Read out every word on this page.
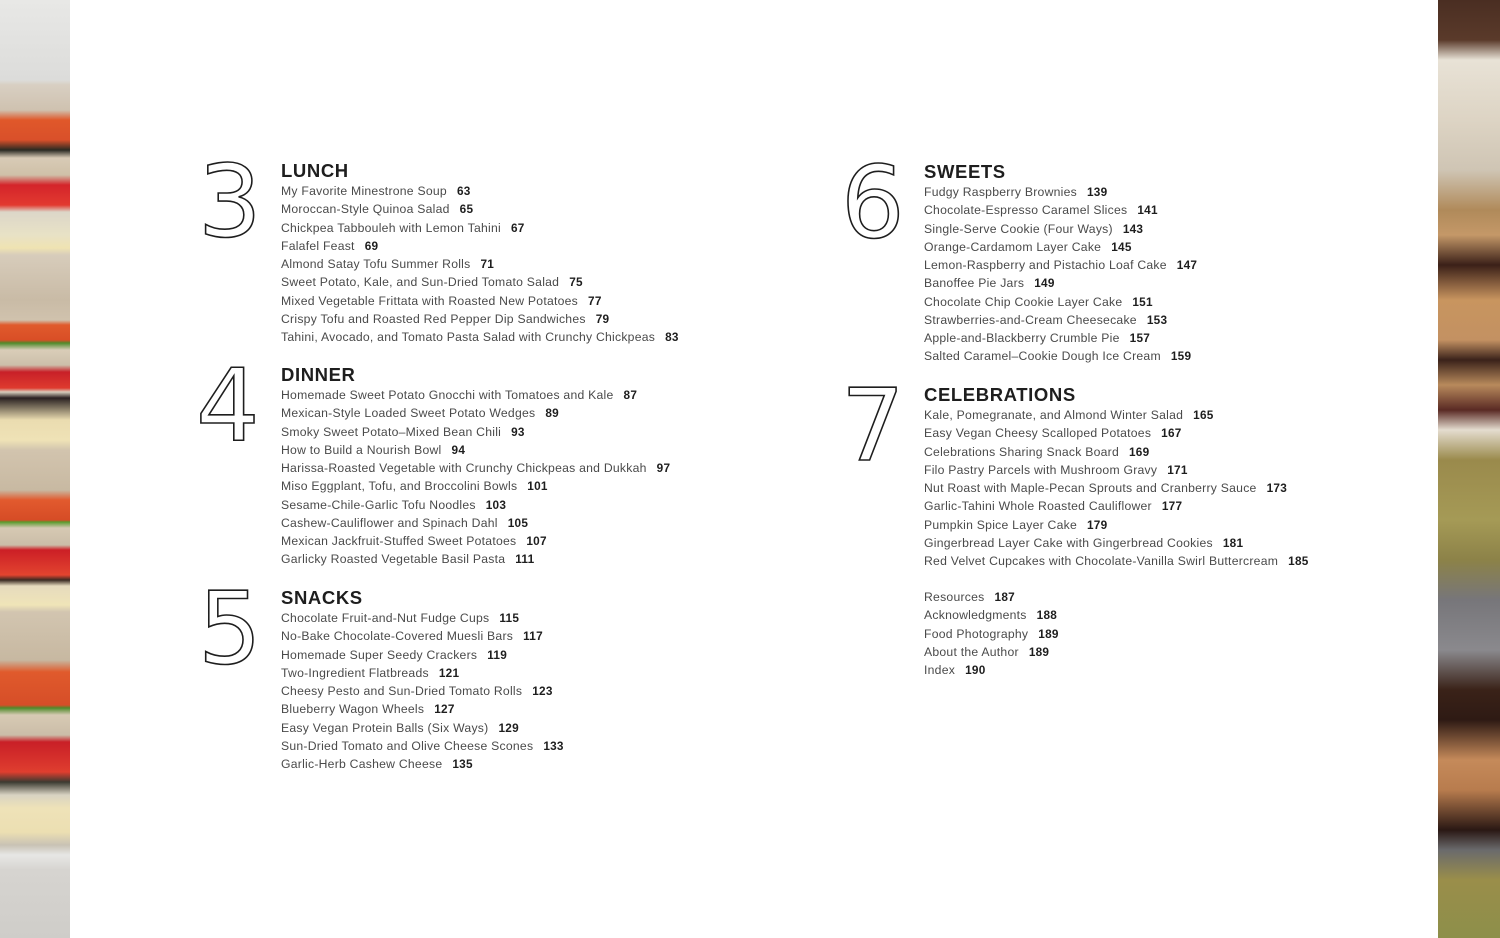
3 LUNCH
My Favorite Minestrone Soup 63
Moroccan-Style Quinoa Salad 65
Chickpea Tabbouleh with Lemon Tahini 67
Falafel Feast 69
Almond Satay Tofu Summer Rolls 71
Sweet Potato, Kale, and Sun-Dried Tomato Salad 75
Mixed Vegetable Frittata with Roasted New Potatoes 77
Crispy Tofu and Roasted Red Pepper Dip Sandwiches 79
Tahini, Avocado, and Tomato Pasta Salad with Crunchy Chickpeas 83
4 DINNER
Homemade Sweet Potato Gnocchi with Tomatoes and Kale 87
Mexican-Style Loaded Sweet Potato Wedges 89
Smoky Sweet Potato–Mixed Bean Chili 93
How to Build a Nourish Bowl 94
Harissa-Roasted Vegetable with Crunchy Chickpeas and Dukkah 97
Miso Eggplant, Tofu, and Broccolini Bowls 101
Sesame-Chile-Garlic Tofu Noodles 103
Cashew-Cauliflower and Spinach Dahl 105
Mexican Jackfruit-Stuffed Sweet Potatoes 107
Garlicky Roasted Vegetable Basil Pasta 111
5 SNACKS
Chocolate Fruit-and-Nut Fudge Cups 115
No-Bake Chocolate-Covered Muesli Bars 117
Homemade Super Seedy Crackers 119
Two-Ingredient Flatbreads 121
Cheesy Pesto and Sun-Dried Tomato Rolls 123
Blueberry Wagon Wheels 127
Easy Vegan Protein Balls (Six Ways) 129
Sun-Dried Tomato and Olive Cheese Scones 133
Garlic-Herb Cashew Cheese 135
6 SWEETS
Fudgy Raspberry Brownies 139
Chocolate-Espresso Caramel Slices 141
Single-Serve Cookie (Four Ways) 143
Orange-Cardamom Layer Cake 145
Lemon-Raspberry and Pistachio Loaf Cake 147
Banoffee Pie Jars 149
Chocolate Chip Cookie Layer Cake 151
Strawberries-and-Cream Cheesecake 153
Apple-and-Blackberry Crumble Pie 157
Salted Caramel–Cookie Dough Ice Cream 159
7 CELEBRATIONS
Kale, Pomegranate, and Almond Winter Salad 165
Easy Vegan Cheesy Scalloped Potatoes 167
Celebrations Sharing Snack Board 169
Filo Pastry Parcels with Mushroom Gravy 171
Nut Roast with Maple-Pecan Sprouts and Cranberry Sauce 173
Garlic-Tahini Whole Roasted Cauliflower 177
Pumpkin Spice Layer Cake 179
Gingerbread Layer Cake with Gingerbread Cookies 181
Red Velvet Cupcakes with Chocolate-Vanilla Swirl Buttercream 185
Resources 187
Acknowledgments 188
Food Photography 189
About the Author 189
Index 190
